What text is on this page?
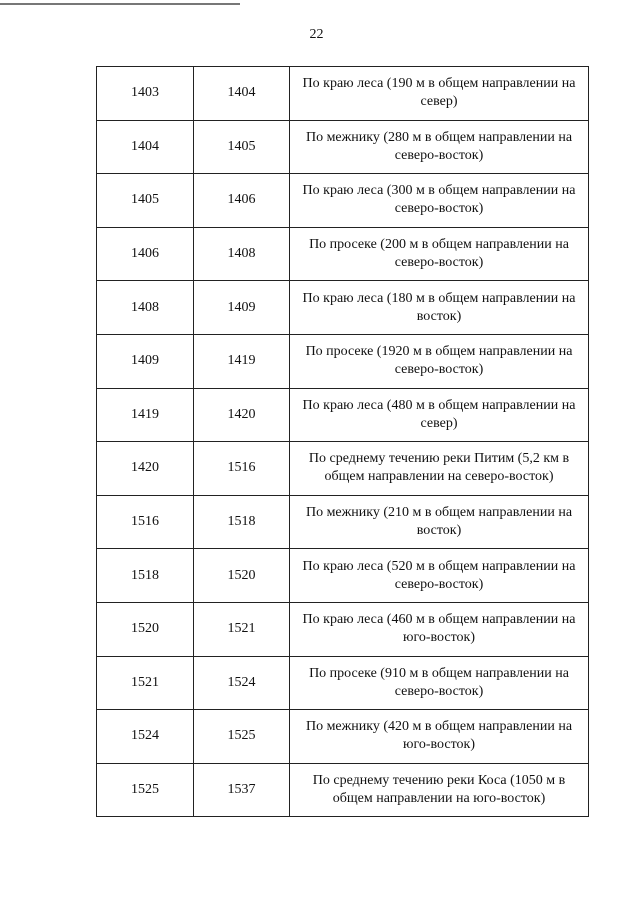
22
1403	1404	По краю леса (190 м в общем направлении на север)
1404	1405	По межнику (280 м в общем направлении на северо-восток)
1405	1406	По краю леса (300 м в общем направлении на северо-восток)
1406	1408	По просеке (200 м в общем направлении на северо-восток)
1408	1409	По краю леса (180 м в общем направлении на восток)
1409	1419	По просеке (1920 м в общем направлении на северо-восток)
1419	1420	По краю леса (480 м в общем направлении на север)
1420	1516	По среднему течению реки Питим (5,2 км в общем направлении на северо-восток)
1516	1518	По межнику (210 м в общем направлении на восток)
1518	1520	По краю леса (520 м в общем направлении на северо-восток)
1520	1521	По краю леса (460 м в общем направлении на юго-восток)
1521	1524	По просеке (910 м в общем направлении на северо-восток)
1524	1525	По межнику (420 м в общем направлении на юго-восток)
1525	1537	По среднему течению реки Коса (1050 м в общем направлении на юго-восток)
